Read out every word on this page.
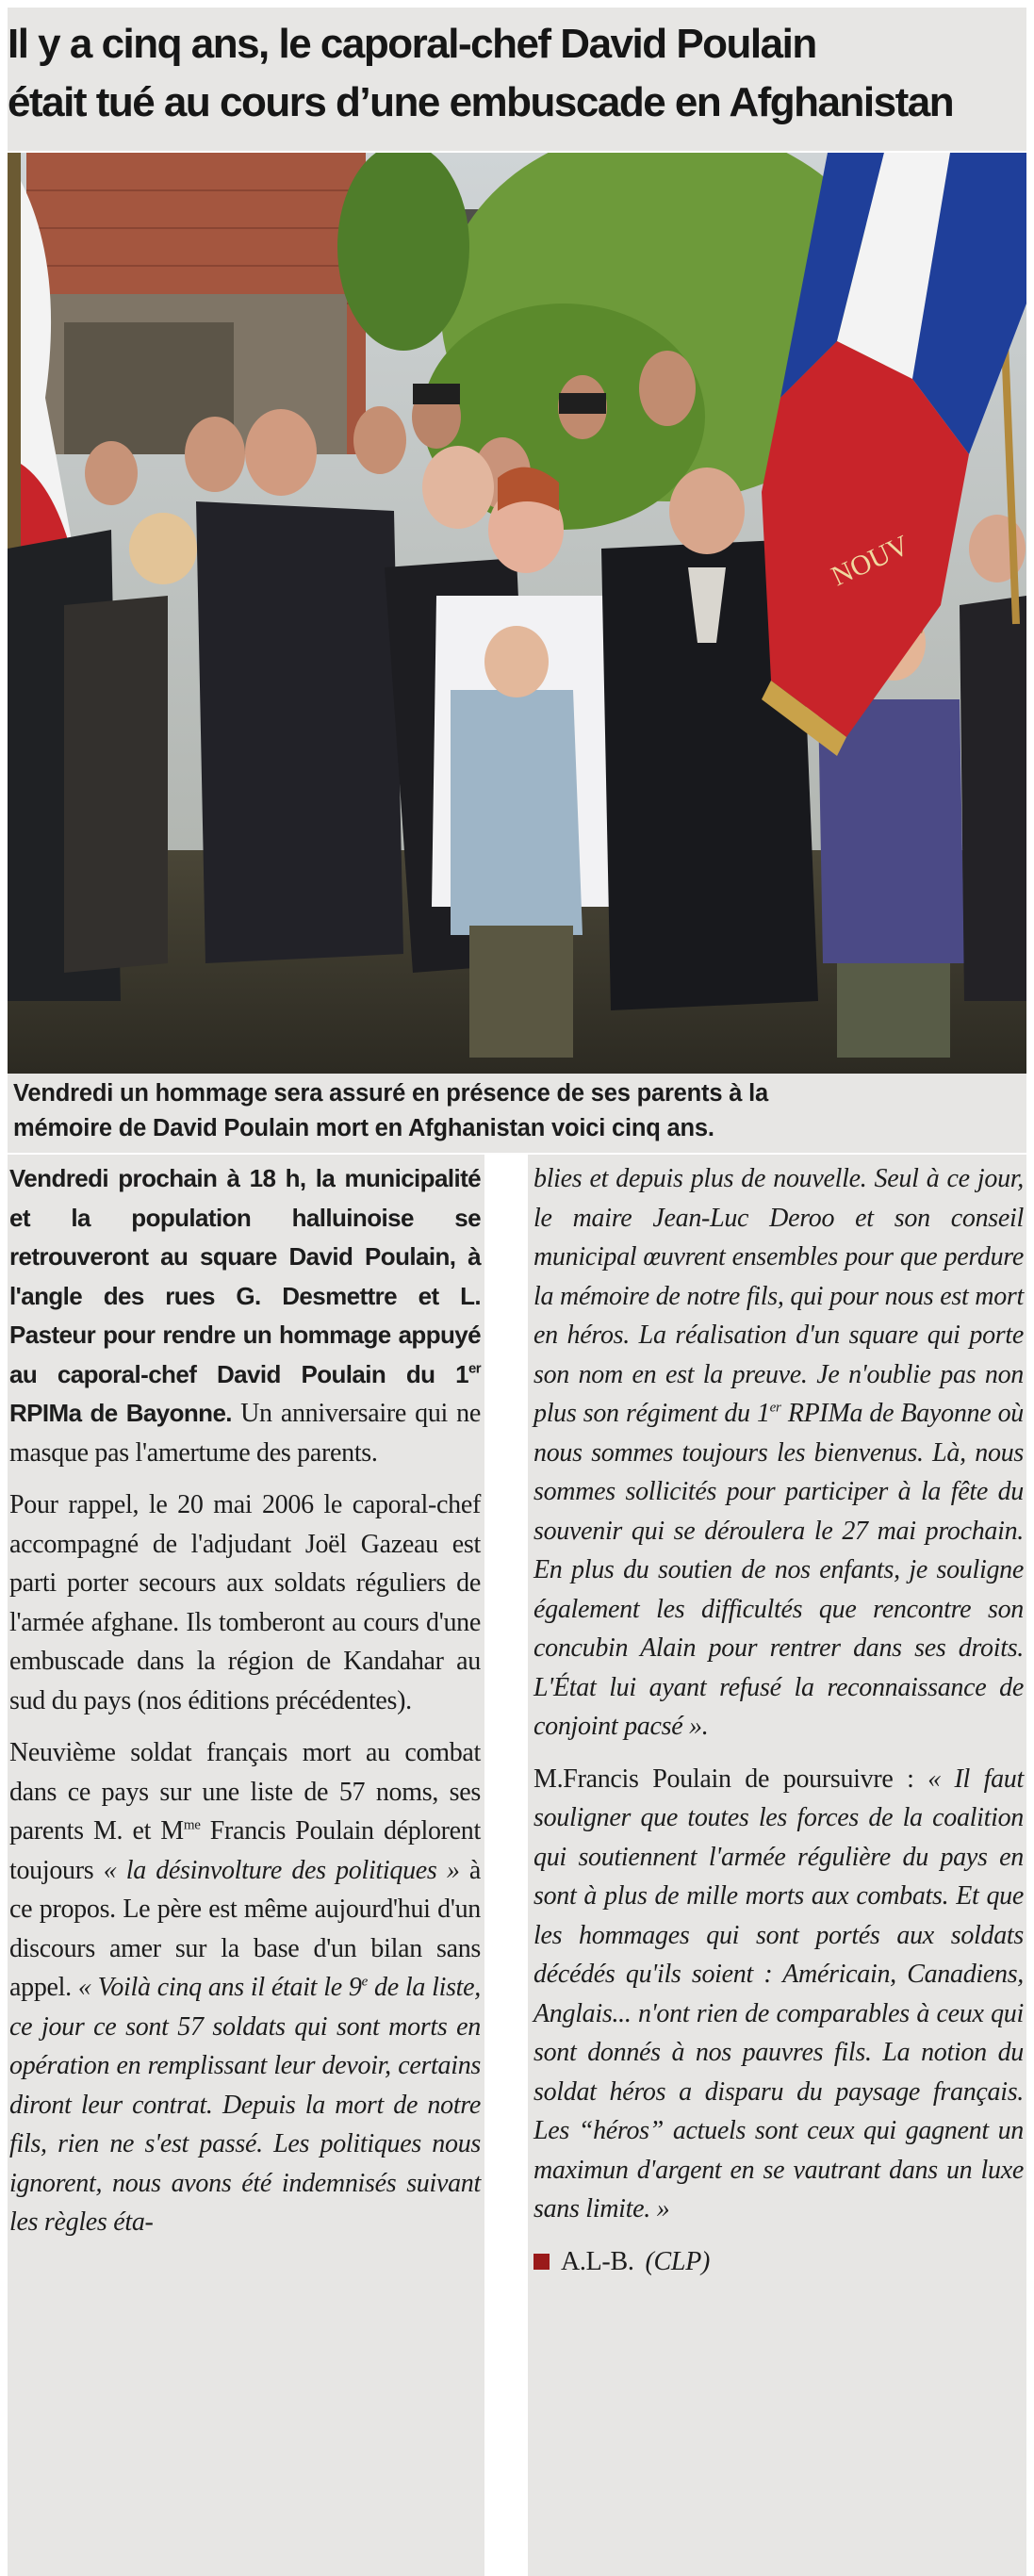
Il y a cinq ans, le caporal-chef David Poulain
était tué au cours d’une embuscade en Afghanistan
NOUV
Vendredi un hommage sera assuré en présence de ses parents à la
mémoire de David Poulain mort en Afghanistan voici cinq ans.

Vendredi prochain à 18 h, la municipalité et la population halluinoise se retrouveront au square David Poulain, à l'angle des rues G. Desmettre et L. Pasteur pour rendre un hommage appuyé au caporal-chef David Poulain du 1er RPIMa de Bayonne. Un anniversaire qui ne masque pas l'amertume des parents.

Pour rappel, le 20 mai 2006 le caporal-chef accompagné de l'adjudant Joël Gazeau est parti porter secours aux soldats réguliers de l'armée afghane. Ils tomberont au cours d'une embuscade dans la région de Kandahar au sud du pays (nos éditions précédentes).

Neuvième soldat français mort au combat dans ce pays sur une liste de 57 noms, ses parents M. et $M^{me}$ Francis Poulain déplorent toujours « la désinvolture des politiques » à ce propos. Le père est même aujourd'hui d'un discours amer sur la base d'un bilan sans appel. « Voilà cinq ans il était le 9e de la liste, ce jour ce sont 57 soldats qui sont morts en opération en remplissant leur devoir, certains diront leur contrat. Depuis la mort de notre fils, rien ne s'est passé. Les politiques nous ignorent, nous avons été indemnisés suivant les règles éta-

blies et depuis plus de nouvelle. Seul à ce jour, le maire Jean-Luc Deroo et son conseil municipal œuvrent ensembles pour que perdure la mémoire de notre fils, qui pour nous est mort en héros. La réalisation d'un square qui porte son nom en est la preuve. Je n'oublie pas non plus son régiment du 1er RPIMa de Bayonne où nous sommes toujours les bienvenus. Là, nous sommes sollicités pour participer à la fête du souvenir qui se déroulera le 27 mai prochain. En plus du soutien de nos enfants, je souligne également les difficultés que rencontre son concubin Alain pour rentrer dans ses droits. L'État lui ayant refusé la reconnaissance de conjoint pacsé ».

M.Francis Poulain de poursuivre : « Il faut souligner que toutes les forces de la coalition qui soutiennent l'armée régulière du pays en sont à plus de mille morts aux combats. Et que les hommages qui sont portés aux soldats décédés qu'ils soient : Américain, Canadiens, Anglais... n'ont rien de comparables à ceux qui sont donnés à nos pauvres fils. La notion du soldat héros a disparu du paysage français. Les “héros” actuels sont ceux qui gagnent un maximun d'argent en se vautrant dans un luxe sans limite. »

A.L-B. (CLP)
